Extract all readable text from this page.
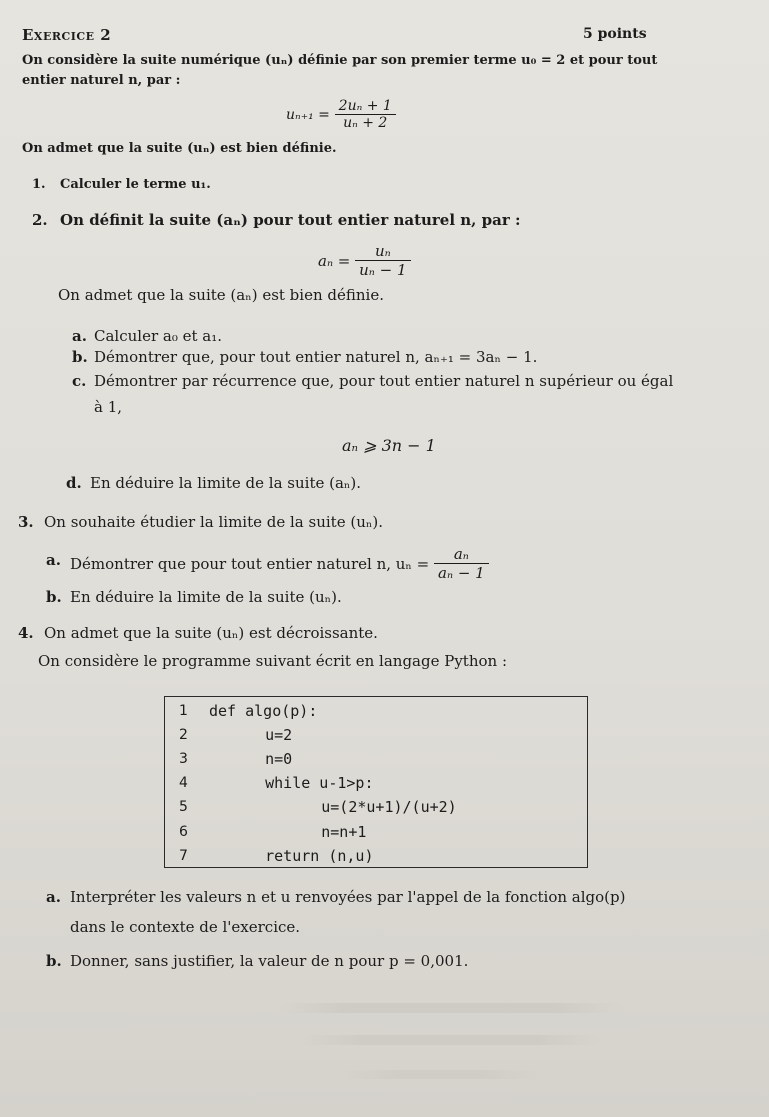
Exercice 2	5 points
On considère la suite numérique (uₙ) définie par son premier terme u₀ = 2 et pour tout
entier naturel n, par :
$u_{n+1} = \frac{\text{2uₙ + 1}}{\text{uₙ + 2}}$
On admet que la suite (uₙ) est bien définie.
1. Calculer le terme u₁.
2. On définit la suite (aₙ) pour tout entier naturel n, par :
$a_n = \frac{\text{uₙ}}{\text{uₙ − 1}}$
On admet que la suite (aₙ) est bien définie.
a. Calculer a₀ et a₁.
b. Démontrer que, pour tout entier naturel n, aₙ₊₁ = 3aₙ − 1.
c. Démontrer par récurrence que, pour tout entier naturel n supérieur ou égal
à 1,
aₙ ⩾ 3n − 1
d. En déduire la limite de la suite (aₙ).
3. On souhaite étudier la limite de la suite (uₙ).
a. Démontrer que pour tout entier naturel n, $u_n = \frac{\text{aₙ}}{\text{aₙ − 1}}$
b. En déduire la limite de la suite (uₙ).
4. On admet que la suite (uₙ) est décroissante.
On considère le programme suivant écrit en langage Python :
1 def algo(p):
2	u=2
3	n=0
4	while u-1>p:
5	u=(2*u+1)/(u+2)
6	n=n+1
7	return (n,u)
a. Interpréter les valeurs n et u renvoyées par l'appel de la fonction algo(p)
dans le contexte de l'exercice.
b. Donner, sans justifier, la valeur de n pour p = 0,001.
